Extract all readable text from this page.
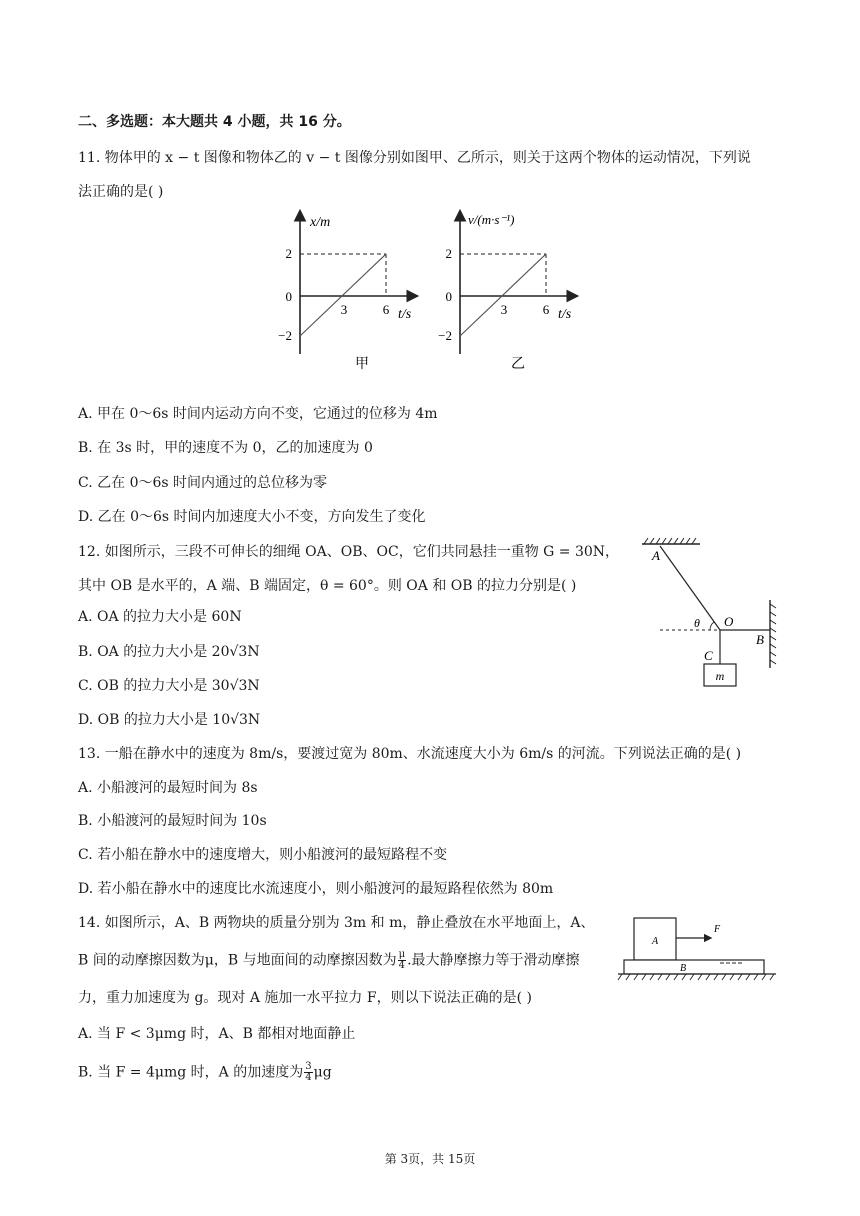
二、多选题：本大题共 4 小题，共 16 分。
11. 物体甲的 x − t 图像和物体乙的 v − t 图像分别如图甲、乙所示，则关于这两个物体的运动情况，下列说
法正确的是( )
x/m
t/s
2
0
−2
3	6
甲
v/(m·s⁻¹)
t/s
2
0
−2
3	6
乙
A. 甲在 0～6s 时间内运动方向不变，它通过的位移为 4m
B. 在 3s 时，甲的速度不为 0，乙的加速度为 0
C. 乙在 0～6s 时间内通过的总位移为零
D. 乙在 0～6s 时间内加速度大小不变，方向发生了变化
12. 如图所示，三段不可伸长的细绳 OA、OB、OC，它们共同悬挂一重物 G = 30N，
其中 OB 是水平的，A 端、B 端固定，θ = 60°。则 OA 和 OB 的拉力分别是( )
A. OA 的拉力大小是 60N
B. OA 的拉力大小是 20√3N
C. OB 的拉力大小是 30√3N
D. OB 的拉力大小是 10√3N
A
O
B
C
θ
m
13. 一船在静水中的速度为 8m/s，要渡过宽为 80m、水流速度大小为 6m/s 的河流。下列说法正确的是( )
A. 小船渡河的最短时间为 8s
B. 小船渡河的最短时间为 10s
C. 若小船在静水中的速度增大，则小船渡河的最短路程不变
D. 若小船在静水中的速度比水流速度小，则小船渡河的最短路程依然为 80m
14. 如图所示，A、B 两物块的质量分别为 3m 和 m，静止叠放在水平地面上，A、
B 间的动摩擦因数为μ，B 与地面间的动摩擦因数为 $\frac{\mu}{4}$ .最大静摩擦力等于滑动摩擦
力，重力加速度为 g。现对 A 施加一水平拉力 F，则以下说法正确的是( )
A. 当 F < 3μmg 时，A、B 都相对地面静止
B. 当 F = 4μmg 时，A 的加速度为 $\frac{3}{4}$ μg
A
B
F
第 3页，共 15页
